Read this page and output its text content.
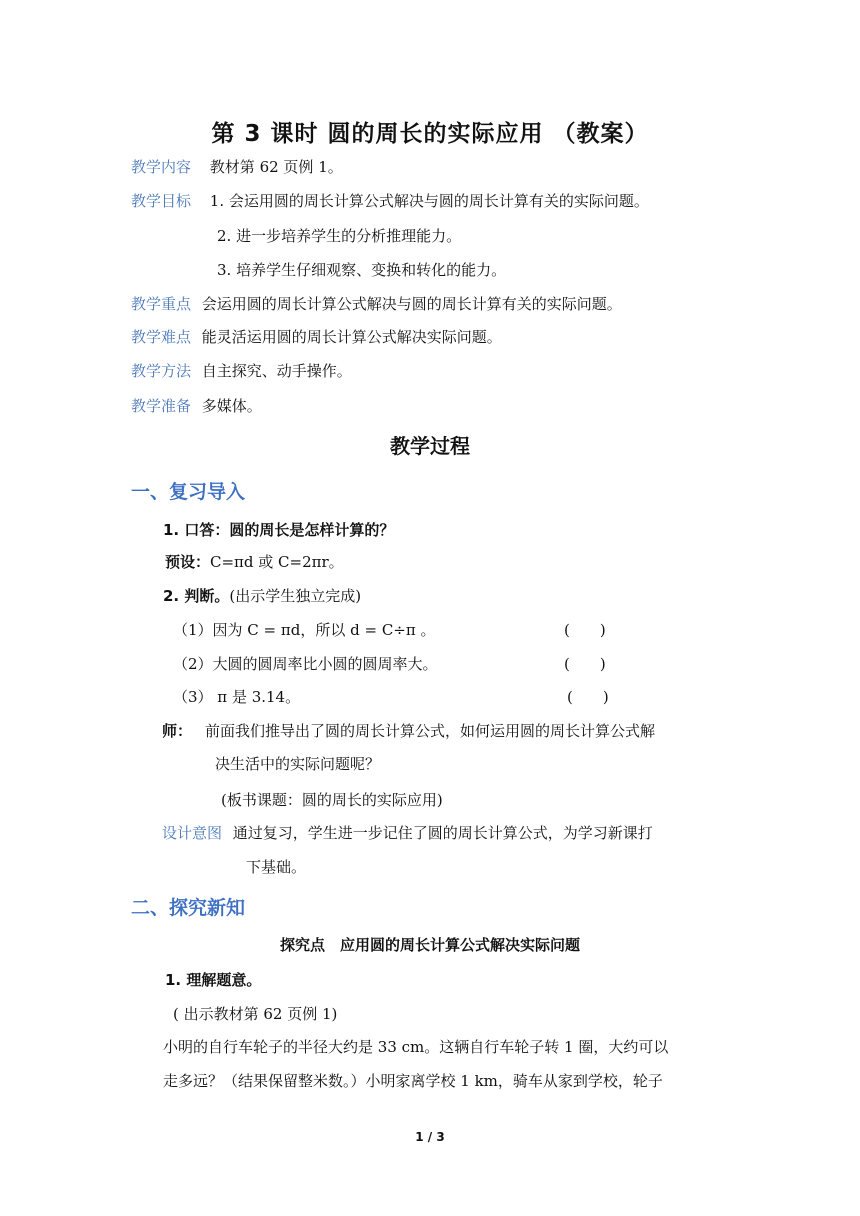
第 3 课时 圆的周长的实际应用 （教案）
教学内容 教材第 62 页例 1。
教学目标 1. 会运用圆的周长计算公式解决与圆的周长计算有关的实际问题。
2. 进一步培养学生的分析推理能力。
3. 培养学生仔细观察、变换和转化的能力。
教学重点 会运用圆的周长计算公式解决与圆的周长计算有关的实际问题。
教学难点 能灵活运用圆的周长计算公式解决实际问题。
教学方法 自主探究、动手操作。
教学准备 多媒体。
教学过程
一、复习导入
1. 口答：圆的周长是怎样计算的？
预设：C=πd 或 C=2πr。
2. 判断。(出示学生独立完成)
（1）因为 C = πd，所以 d = C÷π 。	(　　)
（2）大圆的圆周率比小圆的圆周率大。	(　　)
（3） π 是 3.14。	(　　)
师： 前面我们推导出了圆的周长计算公式，如何运用圆的周长计算公式解
决生活中的实际问题呢？
(板书课题：圆的周长的实际应用)
设计意图 通过复习，学生进一步记住了圆的周长计算公式，为学习新课打
下基础。
二、探究新知
探究点　应用圆的周长计算公式解决实际问题
1. 理解题意。
( 出示教材第 62 页例 1)
小明的自行车轮子的半径大约是 33 cm。这辆自行车轮子转 1 圈，大约可以
走多远？（结果保留整米数。）小明家离学校 1 km，骑车从家到学校，轮子
1 / 3
